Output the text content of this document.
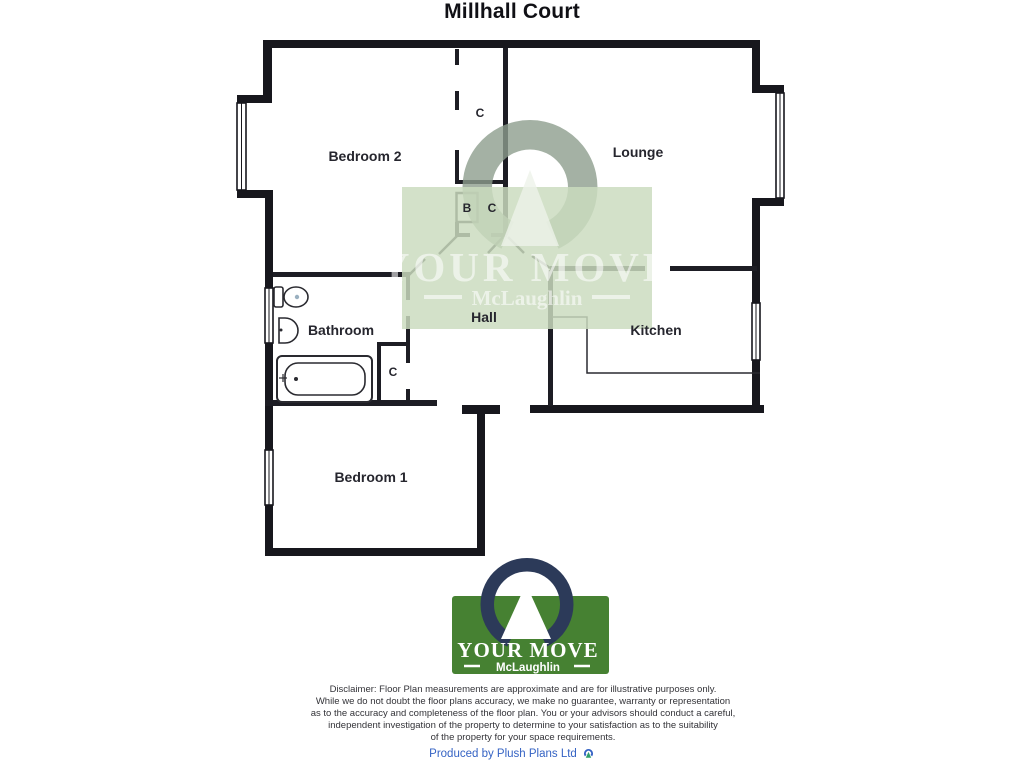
Millhall Court
YOUR MOVE
McLaughlin
Bedroom 2	Lounge
Bathroom
Hall
Kitchen
Bedroom 1
C
B C
C
YOUR MOVE
McLaughlin
Disclaimer: Floor Plan measurements are approximate and are for illustrative purposes only.
While we do not doubt the floor plans accuracy, we make no guarantee, warranty or representation
as to the accuracy and completeness of the floor plan. You or your advisors should conduct a careful,
independent investigation of the property to determine to your satisfaction as to the suitability
of the property for your space requirements.
Produced by Plush Plans Ltd
